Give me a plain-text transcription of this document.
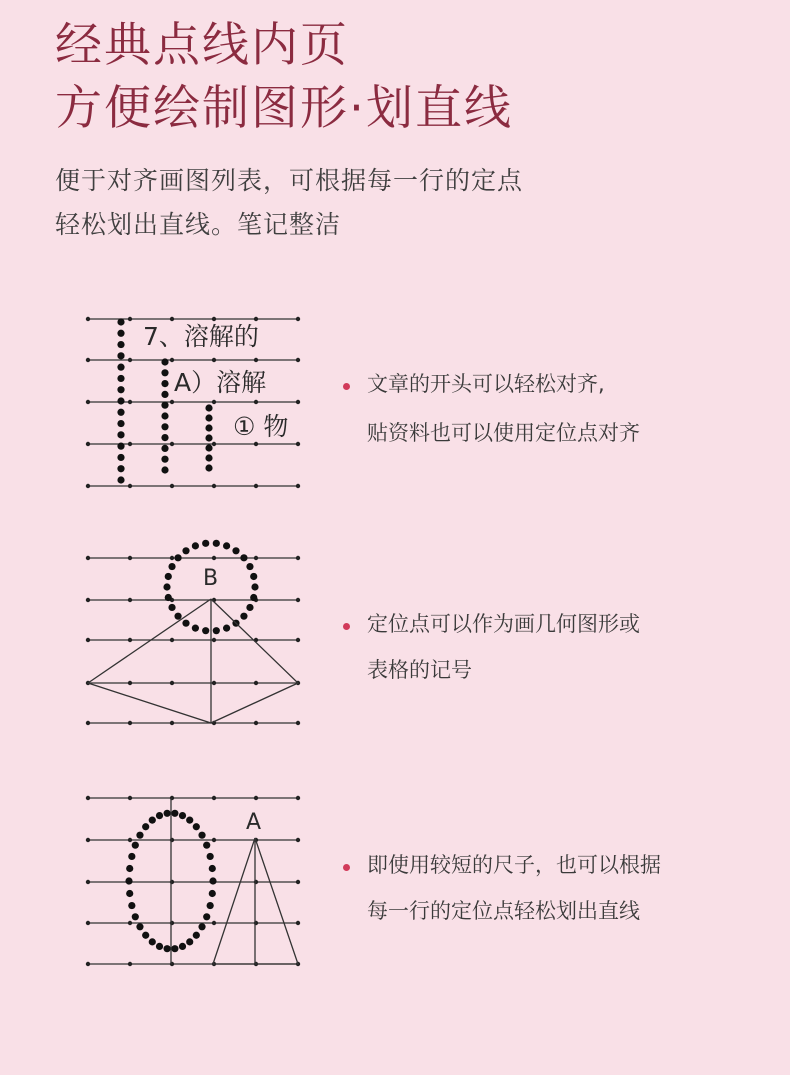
经典点线内页
方便绘制图形·划直线
便于对齐画图列表，可根据每一行的定点
轻松划出直线。笔记整洁
7、溶解的
A）溶解
① 物
文章的开头可以轻松对齐,
贴资料也可以使用定位点对齐
B
定位点可以作为画几何图形或
表格的记号
A
即使用较短的尺子，也可以根据
每一行的定位点轻松划出直线
